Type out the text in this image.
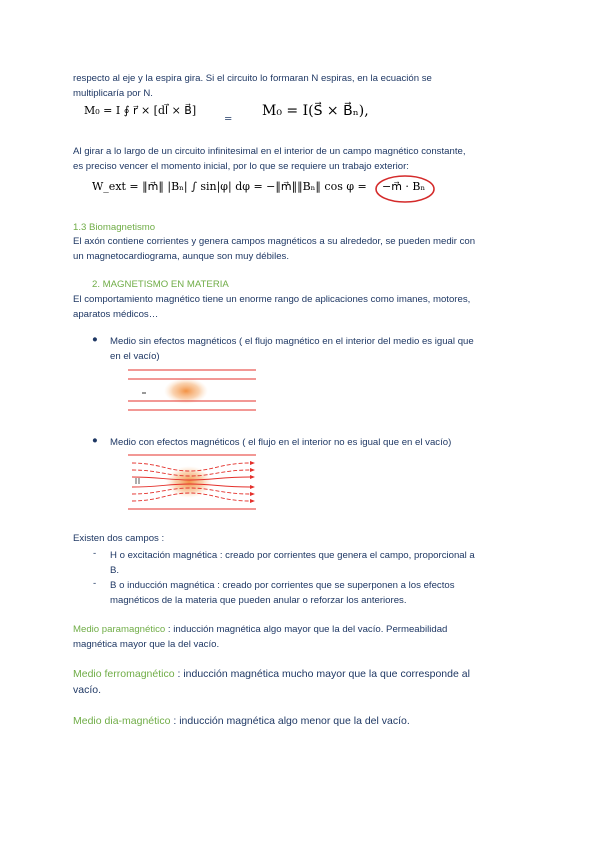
respecto al eje y la espira gira. Si el circuito lo formaran N espiras, en la ecuación se

multiplicaría por N.

M₀ = I ∮ r⃗ × [dl⃗ × B⃗]
=
M₀ = I(S⃗ × B⃗ₙ),

Al girar a lo largo de un circuito infinitesimal en el interior de un campo magnético constante,

es preciso vencer el momento inicial, por lo que se requiere un trabajo exterior:

W_ext = ‖m⃗‖ |Bₙ| ∫ sin|φ| dφ = −‖m⃗‖‖Bₙ‖ cos φ = −m⃗ · Bₙ

1.3 Biomagnetismo

El axón contiene corrientes y genera campos magnéticos a su alrededor, se pueden medir con

un magnetocardiograma, aunque son muy débiles.

2. MAGNETISMO EN MATERIA

El comportamiento magnético tiene un enorme rango de aplicaciones como imanes, motores,

aparatos médicos…

● Medio sin efectos magnéticos ( el flujo magnético en el interior del medio es igual que

en el vacío)

● Medio con efectos magnéticos ( el flujo en el interior no es igual que en el vacío)

Existen dos campos :

- H o excitación magnética : creado por corrientes que genera el campo, proporcional a

B.

- B o inducción magnética : creado por corrientes que se superponen a los efectos

magnéticos de la materia que pueden anular o reforzar los anteriores.

Medio paramagnético : inducción magnética algo mayor que la del vacío. Permeabilidad

magnética mayor que la del vacío.

Medio ferromagnético : inducción magnética mucho mayor que la que corresponde al

vacío.

Medio dia-magnético : inducción magnética algo menor que la del vacío.
